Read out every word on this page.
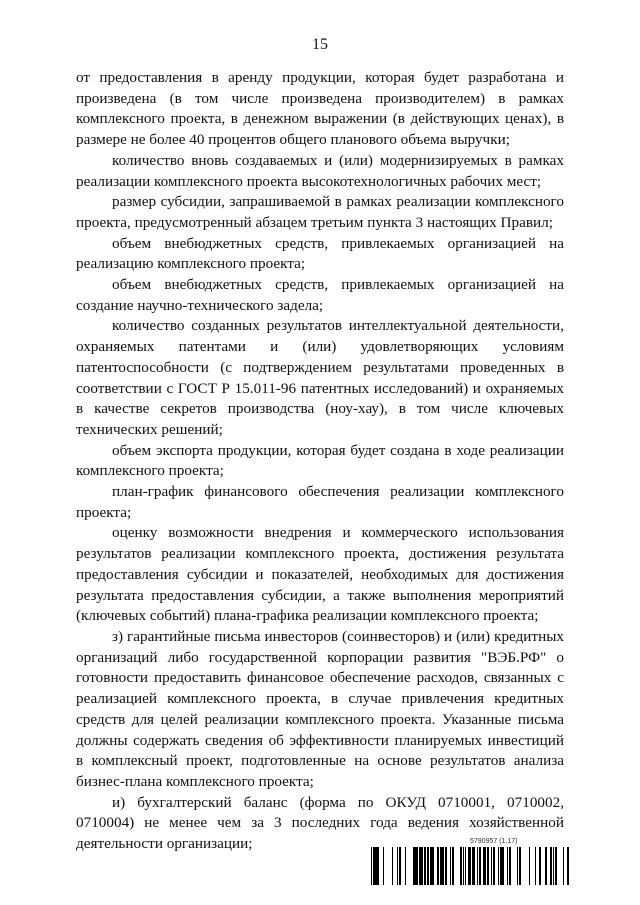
15

от предоставления в аренду продукции, которая будет разработана и произведена (в том числе произведена производителем) в рамках комплексного проекта, в денежном выражении (в действующих ценах), в размере не более 40 процентов общего планового объема выручки;

количество вновь создаваемых и (или) модернизируемых в рамках реализации комплексного проекта высокотехнологичных рабочих мест;

размер субсидии, запрашиваемой в рамках реализации комплексного проекта, предусмотренный абзацем третьим пункта 3 настоящих Правил;

объем внебюджетных средств, привлекаемых организацией на реализацию комплексного проекта;

объем внебюджетных средств, привлекаемых организацией на создание научно-технического задела;

количество созданных результатов интеллектуальной деятельности, охраняемых патентами и (или) удовлетворяющих условиям патентоспособности (с подтверждением результатами проведенных в соответствии с ГОСТ Р 15.011-96 патентных исследований) и охраняемых в качестве секретов производства (ноу-хау), в том числе ключевых технических решений;

объем экспорта продукции, которая будет создана в ходе реализации комплексного проекта;

план-график финансового обеспечения реализации комплексного проекта;

оценку возможности внедрения и коммерческого использования результатов реализации комплексного проекта, достижения результата предоставления субсидии и показателей, необходимых для достижения результата предоставления субсидии, а также выполнения мероприятий (ключевых событий) плана-графика реализации комплексного проекта;

з) гарантийные письма инвесторов (соинвесторов) и (или) кредитных организаций либо государственной корпорации развития "ВЭБ.РФ" о готовности предоставить финансовое обеспечение расходов, связанных с реализацией комплексного проекта, в случае привлечения кредитных средств для целей реализации комплексного проекта. Указанные письма должны содержать сведения об эффективности планируемых инвестиций в комплексный проект, подготовленные на основе результатов анализа бизнес-плана комплексного проекта;

и) бухгалтерский баланс (форма по ОКУД 0710001, 0710002, 0710004) не менее чем за 3 последних года ведения хозяйственной деятельности организации;	5790957 (1.17)
